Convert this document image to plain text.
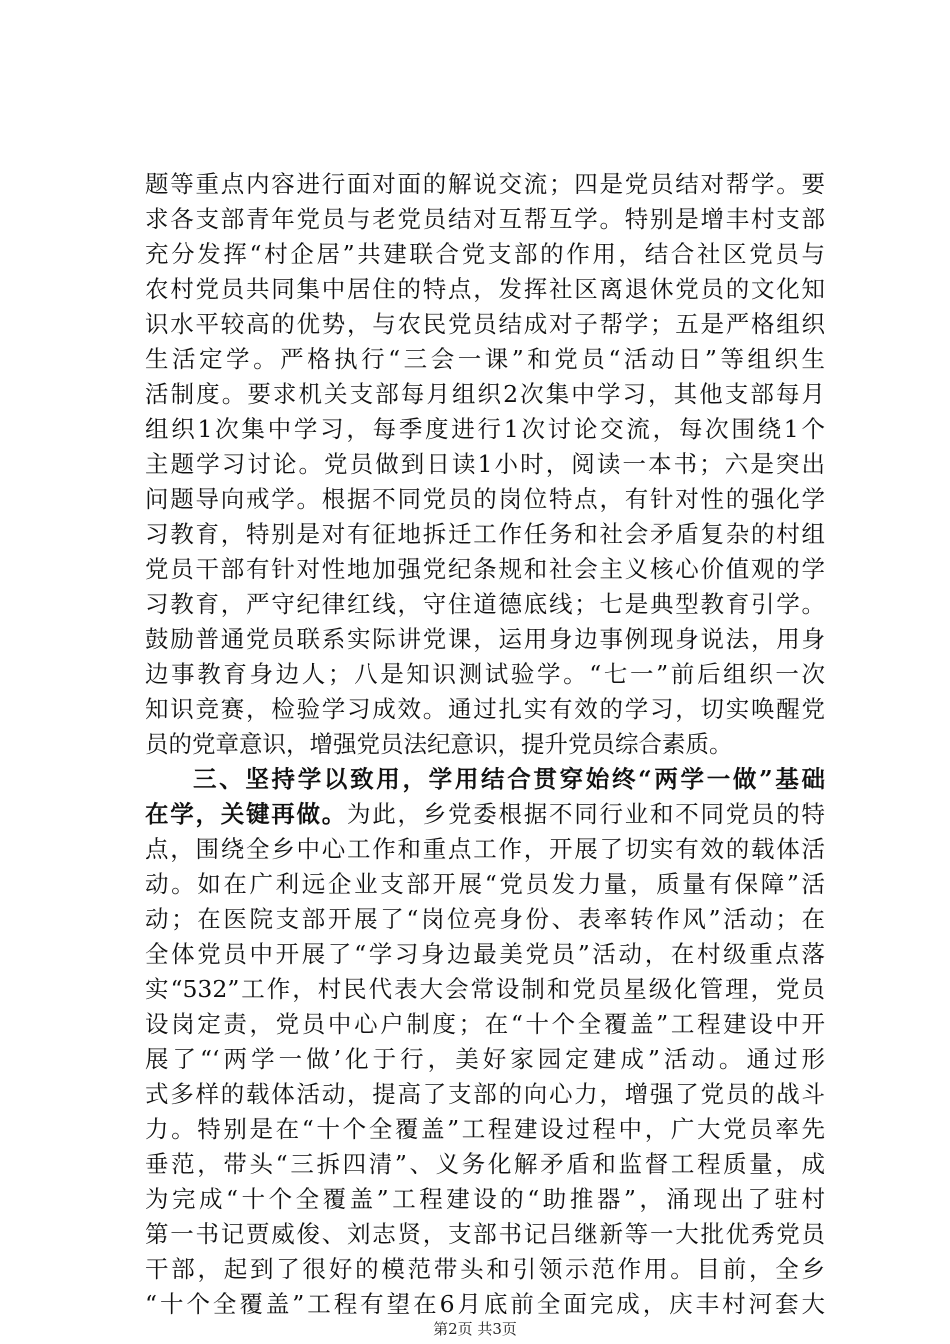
题等重点内容进行面对面的解说交流；四是党员结对帮学。要
求各支部青年党员与老党员结对互帮互学。特别是增丰村支部
充分发挥“村企居”共建联合党支部的作用，结合社区党员与
农村党员共同集中居住的特点，发挥社区离退休党员的文化知
识水平较高的优势，与农民党员结成对子帮学；五是严格组织
生活定学。严格执行“三会一课”和党员“活动日”等组织生
活制度。要求机关支部每月组织2次集中学习，其他支部每月
组织1次集中学习，每季度进行1次讨论交流，每次围绕1个
主题学习讨论。党员做到日读1小时，阅读一本书；六是突出
问题导向戒学。根据不同党员的岗位特点，有针对性的强化学
习教育，特别是对有征地拆迁工作任务和社会矛盾复杂的村组
党员干部有针对性地加强党纪条规和社会主义核心价值观的学
习教育，严守纪律红线，守住道德底线；七是典型教育引学。
鼓励普通党员联系实际讲党课，运用身边事例现身说法，用身
边事教育身边人；八是知识测试验学。“七一”前后组织一次
知识竞赛，检验学习成效。通过扎实有效的学习，切实唤醒党
员的党章意识，增强党员法纪意识，提升党员综合素质。
三、坚持学以致用，学用结合贯穿始终“两学一做”基础
在学，关键再做。为此，乡党委根据不同行业和不同党员的特
点，围绕全乡中心工作和重点工作，开展了切实有效的载体活
动。如在广利远企业支部开展“党员发力量，质量有保障”活
动；在医院支部开展了“岗位亮身份、表率转作风”活动；在
全体党员中开展了“学习身边最美党员”活动，在村级重点落
实“532”工作，村民代表大会常设制和党员星级化管理，党员
设岗定责，党员中心户制度；在“十个全覆盖”工程建设中开
展了“‘两学一做’化于行，美好家园定建成”活动。通过形
式多样的载体活动，提高了支部的向心力，增强了党员的战斗
力。特别是在“十个全覆盖”工程建设过程中，广大党员率先
垂范，带头“三拆四清”、义务化解矛盾和监督工程质量，成
为完成“十个全覆盖”工程建设的“助推器”，涌现出了驻村
第一书记贾威俊、刘志贤，支部书记吕继新等一大批优秀党员
干部，起到了很好的模范带头和引领示范作用。目前，全乡
“十个全覆盖”工程有望在6月底前全面完成，庆丰村河套大
第2页 共3页
